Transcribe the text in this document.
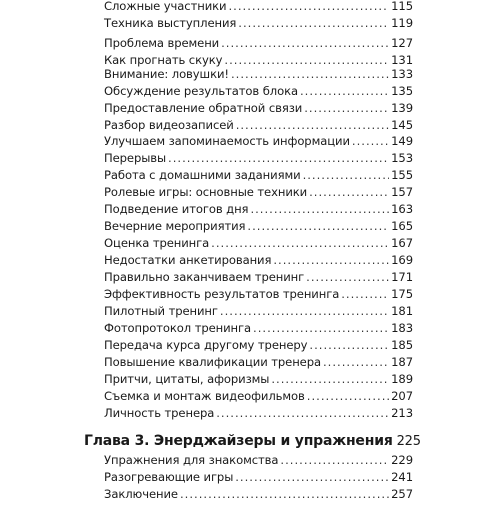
Сложные участники .....	115
Техника выступления .....	119
Проблема времени .....	127
Как прогнать скуку .....	131
Внимание: ловушки! .....	133
Обсуждение результатов блока .....	135
Предоставление обратной связи .....	139
Разбор видеозаписей .....	145
Улучшаем запоминаемость информации .....	149
Перерывы .....	153
Работа с домашними заданиями .....	155
Ролевые игры: основные техники .....	157
Подведение итогов дня .....	163
Вечерние мероприятия .....	165
Оценка тренинга .....	167
Недостатки анкетирования .....	169
Правильно заканчиваем тренинг .....	171
Эффективность результатов тренинга .....	175
Пилотный тренинг .....	181
Фотопротокол тренинга .....	183
Передача курса другому тренеру .....	185
Повышение квалификации тренера .....	187
Притчи, цитаты, афоризмы .....	189
Съемка и монтаж видеофильмов .....	207
Личность тренера .....	213
Глава 3. Энерджайзеры и упражнения 225
Упражнения для знакомства .....	229
Разогревающие игры .....	241
Заключение .....	257
